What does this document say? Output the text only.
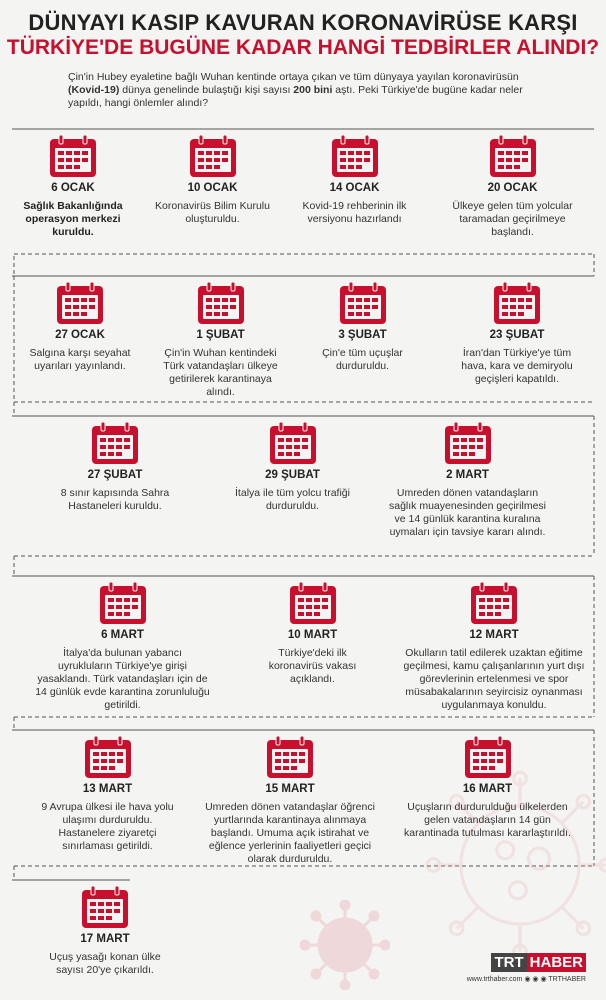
DÜNYAYI KASIP KAVURAN KORONAVİRÜSE KARŞI
TÜRKİYE'DE BUGÜNE KADAR HANGİ TEDBİRLER ALINDI?
Çin'in Hubey eyaletine bağlı Wuhan kentinde ortaya çıkan ve tüm dünyaya yayılan koronavirüsün (Kovid-19) dünya genelinde bulaştığı kişi sayısı 200 bini aştı. Peki Türkiye'de bugüne kadar neler yapıldı, hangi önlemler alındı?
6 OCAK
Sağlık Bakanlığında operasyon merkezi kuruldu.
10 OCAK
Koronavirüs Bilim Kurulu oluşturuldu.
14 OCAK
Kovid-19 rehberinin ilk versiyonu hazırlandı
20 OCAK
Ülkeye gelen tüm yolcular taramadan geçirilmeye başlandı.
27 OCAK
Salgına karşı seyahat uyarıları yayınlandı.
1 ŞUBAT
Çin'in Wuhan kentindeki Türk vatandaşları ülkeye getirilerek karantinaya alındı.
3 ŞUBAT
Çin'e tüm uçuşlar durduruldu.
23 ŞUBAT
İran'dan Türkiye'ye tüm hava, kara ve demiryolu geçişleri kapatıldı.
27 ŞUBAT
8 sınır kapısında Sahra Hastaneleri kuruldu.
29 ŞUBAT
İtalya ile tüm yolcu trafiği durduruldu.
2 MART
Umreden dönen vatandaşların sağlık muayenesinden geçirilmesi ve 14 günlük karantina kuralına uymaları için tavsiye kararı alındı.
6 MART
İtalya'da bulunan yabancı uyrukluların Türkiye'ye girişi yasaklandı. Türk vatandaşları için de 14 günlük evde karantina zorunluluğu getirildi.
10 MART
Türkiye'deki ilk koronavirüs vakası açıklandı.
12 MART
Okulların tatil edilerek uzaktan eğitime geçilmesi, kamu çalışanlarının yurt dışı görevlerinin ertelenmesi ve spor müsabakalarının seyircisiz oynanması uygulanmaya konuldu.
13 MART
9 Avrupa ülkesi ile hava yolu ulaşımı durduruldu. Hastanelere ziyaretçi sınırlaması getirildi.
15 MART
Umreden dönen vatandaşlar öğrenci yurtlarında karantinaya alınmaya başlandı. Umuma açık istirahat ve eğlence yerlerinin faaliyetleri geçici olarak durduruldu.
16 MART
Uçuşların durdurulduğu ülkelerden gelen vatandaşların 14 gün karantinada tutulması kararlaştırıldı.
17 MART
Uçuş yasağı konan ülke sayısı 20'ye çıkarıldı.	TRT HABER
www.trthaber.com ◉ ◉ ◉ TRTHABER
